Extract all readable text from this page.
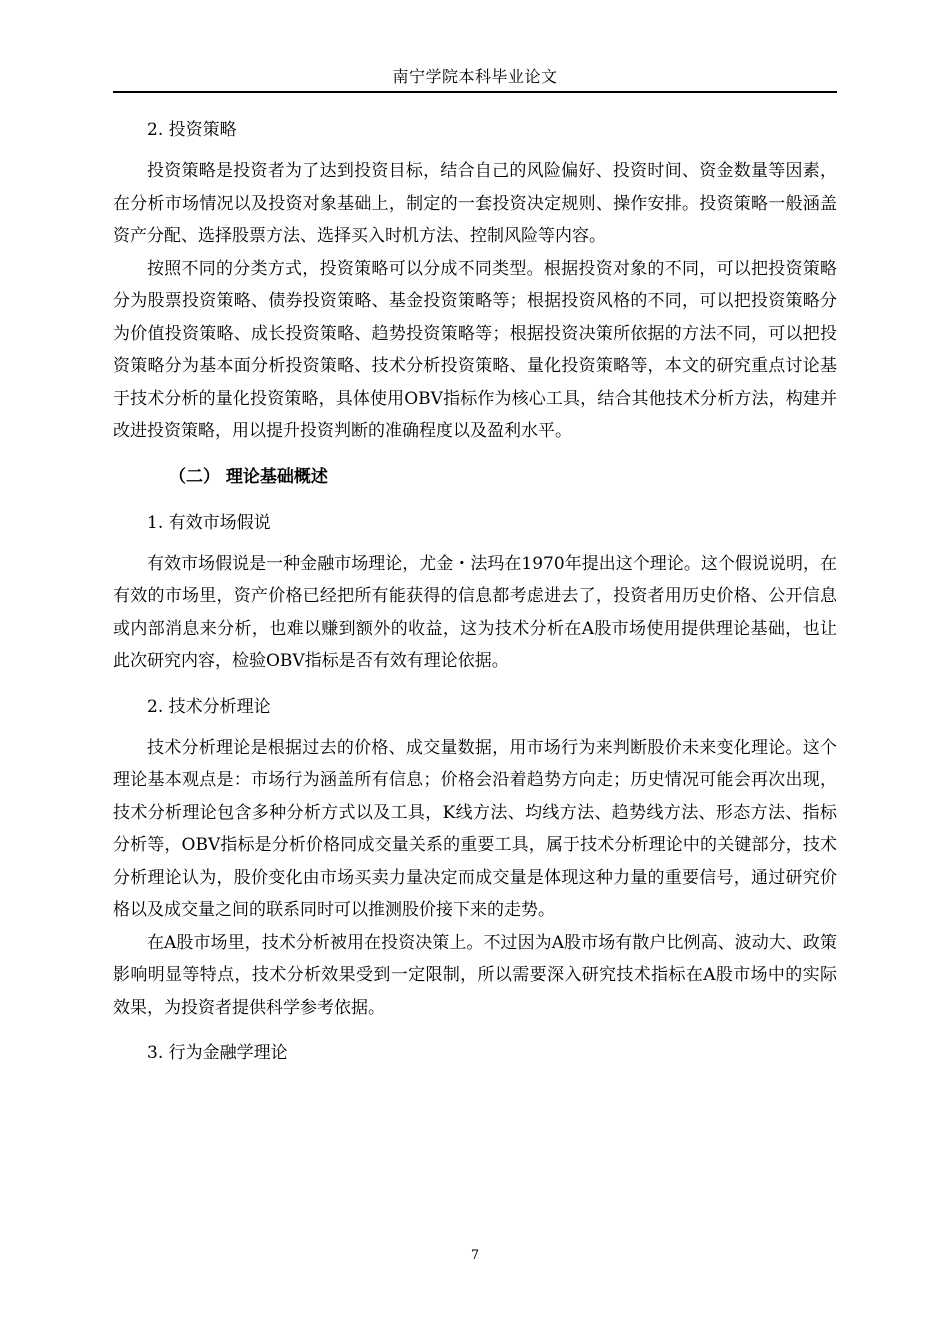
南宁学院本科毕业论文
2. 投资策略

投资策略是投资者为了达到投资目标，结合自己的风险偏好、投资时间、资金数量等因素，在分析市场情况以及投资对象基础上，制定的一套投资决定规则、操作安排。投资策略一般涵盖资产分配、选择股票方法、选择买入时机方法、控制风险等内容。

按照不同的分类方式，投资策略可以分成不同类型。根据投资对象的不同，可以把投资策略分为股票投资策略、债券投资策略、基金投资策略等；根据投资风格的不同，可以把投资策略分为价值投资策略、成长投资策略、趋势投资策略等；根据投资决策所依据的方法不同，可以把投资策略分为基本面分析投资策略、技术分析投资策略、量化投资策略等，本文的研究重点讨论基于技术分析的量化投资策略，具体使用OBV指标作为核心工具，结合其他技术分析方法，构建并改进投资策略，用以提升投资判断的准确程度以及盈利水平。

（二） 理论基础概述
1. 有效市场假说

有效市场假说是一种金融市场理论，尤金・法玛在1970年提出这个理论。这个假说说明，在有效的市场里，资产价格已经把所有能获得的信息都考虑进去了，投资者用历史价格、公开信息或内部消息来分析，也难以赚到额外的收益，这为技术分析在A股市场使用提供理论基础，也让此次研究内容，检验OBV指标是否有效有理论依据。

2. 技术分析理论

技术分析理论是根据过去的价格、成交量数据，用市场行为来判断股价未来变化理论。这个理论基本观点是：市场行为涵盖所有信息；价格会沿着趋势方向走；历史情况可能会再次出现，技术分析理论包含多种分析方式以及工具，K线方法、均线方法、趋势线方法、形态方法、指标分析等，OBV指标是分析价格同成交量关系的重要工具，属于技术分析理论中的关键部分，技术分析理论认为，股价变化由市场买卖力量决定而成交量是体现这种力量的重要信号，通过研究价格以及成交量之间的联系同时可以推测股价接下来的走势。

在A股市场里，技术分析被用在投资决策上。不过因为A股市场有散户比例高、波动大、政策影响明显等特点，技术分析效果受到一定限制，所以需要深入研究技术指标在A股市场中的实际效果，为投资者提供科学参考依据。

3. 行为金融学理论
7
